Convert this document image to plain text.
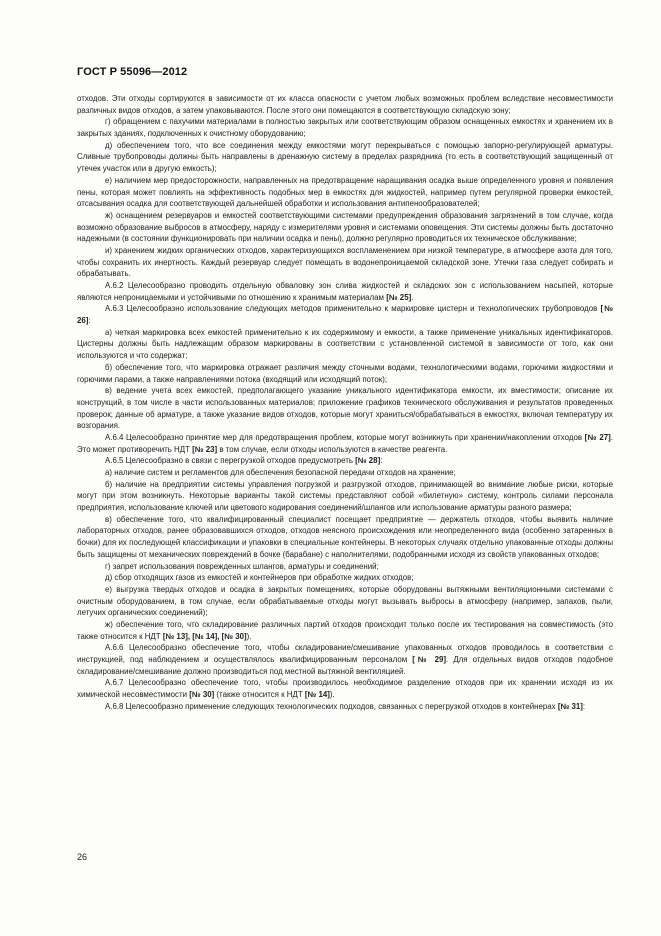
ГОСТ Р 55096—2012

отходов. Эти отходы сортируются в зависимости от их класса опасности с учетом любых возможных проблем вследствие несовместимости различных видов отходов, а затем упаковываются. После этого они помещаются в соответствующую складскую зону;

г) обращением с пахучими материалами в полностью закрытых или соответствующим образом оснащенных емкостях и хранением их в закрытых зданиях, подключенных к очистному оборудованию;

д) обеспечением того, что все соединения между емкостями могут перекрываться с помощью запорно-регулирующей арматуры. Сливные трубопроводы должны быть направлены в дренажную систему в пределах разрядника (то есть в соответствующий защищенный от утечек участок или в другую емкость);

е) наличием мер предосторожности, направленных на предотвращение наращивания осадка выше определенного уровня и появления пены, которая может повлиять на эффективность подобных мер в емкостях для жидкостей, например путем регулярной проверки емкостей, отсасывания осадка для соответствующей дальнейшей обработки и использования антипенообразователей;

ж) оснащением резервуаров и емкостей соответствующими системами предупреждения образования загрязнений в том случае, когда возможно образование выбросов в атмосферу, наряду с измерителями уровня и системами оповещения. Эти системы должны быть достаточно надежными (в состоянии функционировать при наличии осадка и пены), должно регулярно проводиться их техническое обслуживание;

и) хранением жидких органических отходов, характеризующихся воспламенением при низкой температуре, в атмосфере азота для того, чтобы сохранить их инертность. Каждый резервуар следует помещать в водонепроницаемой складской зоне. Утечки газа следует собирать и обрабатывать.

А.6.2 Целесообразно проводить отдельную обваловку зон слива жидкостей и складских зон с использованием насыпей, которые являются непроницаемыми и устойчивыми по отношению к хранимым материалам [№ 25].

А.6.3 Целесообразно использование следующих методов применительно к маркировке цистерн и технологических трубопроводов [№ 26]:

а) четкая маркировка всех емкостей применительно к их содержимому и емкости, а также применение уникальных идентификаторов. Цистерны должны быть надлежащим образом маркированы в соответствии с установленной системой в зависимости от того, как они используются и что содержат;

б) обеспечение того, что маркировка отражает различия между сточными водами, технологическими водами, горючими жидкостями и горючими парами, а также направлениями потока (входящий или исходящий поток);

в) ведение учета всех емкостей, предполагающего указание уникального идентификатора емкости, их вместимости; описание их конструкций, в том числе в части использованных материалов; приложение графиков технического обслуживания и результатов проведенных проверок; данные об арматуре, а также указание видов отходов, которые могут храниться/обрабатываться в емкостях, включая температуру их возгорания.

А.6.4 Целесообразно принятие мер для предотвращения проблем, которые могут возникнуть при хранении/накоплении отходов [№ 27]. Это может противоречить НДТ [№ 23] в том случае, если отходы используются в качестве реагента.

А.6.5 Целесообразно в связи с перегрузкой отходов предусмотреть [№ 28]:

а) наличие систем и регламентов для обеспечения безопасной передачи отходов на хранение;

б) наличие на предприятии системы управления погрузкой и разгрузкой отходов, принимающей во внимание любые риски, которые могут при этом возникнуть. Некоторые варианты такой системы представляют собой «билетную» систему, контроль силами персонала предприятия, использование ключей или цветового кодирования соединений/шлангов или использование арматуры разного размера;

в) обеспечение того, что квалифицированный специалист посещает предприятие — держатель отходов, чтобы выявить наличие лабораторных отходов, ранее образовавшихся отходов, отходов неясного происхождения или неопределенного вида (особенно затаренных в бочки) для их последующей классификации и упаковки в специальные контейнеры. В некоторых случаях отдельно упакованные отходы должны быть защищены от механических повреждений в бочке (барабане) с наполнителями, подобранными исходя из свойств упакованных отходов;

г) запрет использования поврежденных шлангов, арматуры и соединений;

д) сбор отходящих газов из емкостей и контейнеров при обработке жидких отходов;

е) выгрузка твердых отходов и осадка в закрытых помещениях, которые оборудованы вытяжными вентиляционными системами с очистным оборудованием, в том случае, если обрабатываемые отходы могут вызывать выбросы в атмосферу (например, запахов, пыли, летучих органических соединений);

ж) обеспечение того, что складирование различных партий отходов происходит только после их тестирования на совместимость (это также относится к НДТ [№ 13], [№ 14], [№ 30]).

А.6.6 Целесообразно обеспечение того, чтобы складирование/смешивание упакованных отходов проводилось в соответствии с инструкцией, под наблюдением и осуществлялось квалифицированным персоналом [№ 29]. Для отдельных видов отходов подобное складирование/смешивание должно производиться под местной вытяжной вентиляцией.

А.6.7 Целесообразно обеспечение того, чтобы производилось необходимое разделение отходов при их хранении исходя из их химической несовместимости [№ 30] (также относится к НДТ [№ 14]).

А.6.8 Целесообразно применение следующих технологических подходов, связанных с перегрузкой отходов в контейнерах [№ 31]:

26
